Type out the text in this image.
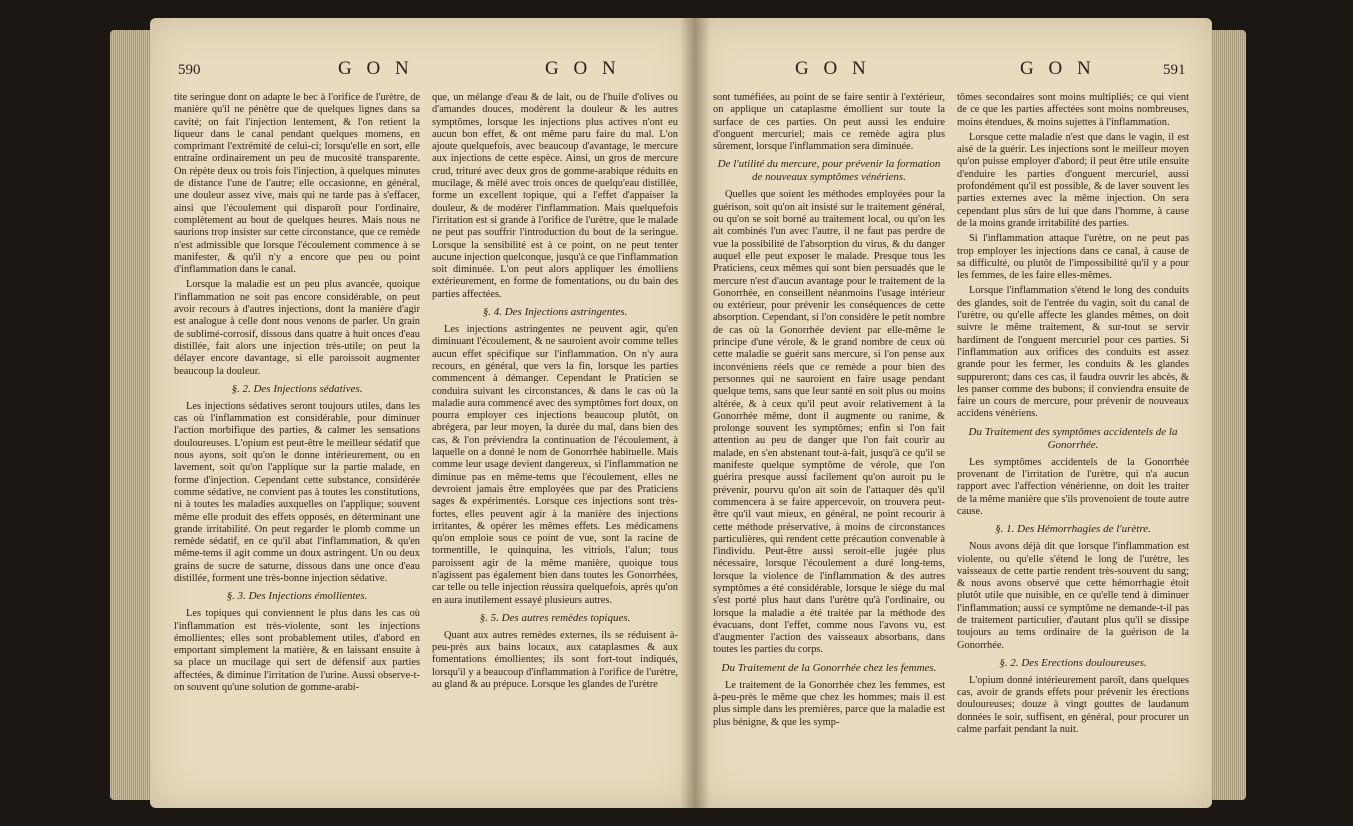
590	G O N	G O N

tite seringue dont on adapte le bec à l'orifice de l'urètre, de manière qu'il ne pénètre que de quelques lignes dans sa cavité; on fait l'injection lentement, & l'on retient la liqueur dans le canal pendant quelques momens, en comprimant l'extrémité de celui-ci; lorsqu'elle en sort, elle entraîne ordinairement un peu de mucosité transparente. On répète deux ou trois fois l'injection, à quelques minutes de distance l'une de l'autre; elle occasionne, en général, une douleur assez vive, mais qui ne tarde pas à s'effacer, ainsi que l'écoulement qui disparoît pour l'ordinaire, complètement au bout de quelques heures. Mais nous ne saurions trop insister sur cette circonstance, que ce remède n'est admissible que lorsque l'écoulement commence à se manifester, & qu'il n'y a encore que peu ou point d'inflammation dans le canal.

Lorsque la maladie est un peu plus avancée, quoique l'inflammation ne soit pas encore considérable, on peut avoir recours à d'autres injections, dont la manière d'agir est analogue à celle dont nous venons de parler. Un grain de sublimé-corrosif, dissous dans quatre à huit onces d'eau distillée, fait alors une injection très-utile; on peut la délayer encore davantage, si elle paroissoit augmenter beaucoup la douleur.

§. 2. Des Injections sédatives.

Les injections sédatives seront toujours utiles, dans les cas où l'inflammation est considérable, pour diminuer l'action morbifique des parties, & calmer les sensations douloureuses. L'opium est peut-être le meilleur sédatif que nous ayons, soit qu'on le donne intérieurement, ou en lavement, soit qu'on l'applique sur la partie malade, en forme d'injection. Cependant cette substance, considérée comme sédative, ne convient pas à toutes les constitutions, ni à toutes les maladies auxquelles on l'applique; souvent même elle produit des effets opposés, en déterminant une grande irritabilité. On peut regarder le plomb comme un remède sédatif, en ce qu'il abat l'inflammation, & qu'en même-tems il agit comme un doux astringent. Un ou deux grains de sucre de saturne, dissous dans une once d'eau distillée, forment une très-bonne injection sédative.

§. 3. Des Injections émollientes.

Les topiques qui conviennent le plus dans les cas où l'inflammation est très-violente, sont les injections émollientes; elles sont probablement utiles, d'abord en emportant simplement la matière, & en laissant ensuite à sa place un mucilage qui sert de défensif aux parties affectées, & diminue l'irritation de l'urine. Aussi observe-t-on souvent qu'une solution de gomme-arabi-

que, un mélange d'eau & de lait, ou de l'huile d'olives ou d'amandes douces, modèrent la douleur & les autres symptômes, lorsque les injections plus actives n'ont eu aucun bon effet, & ont même paru faire du mal. L'on ajoute quelquefois, avec beaucoup d'avantage, le mercure aux injections de cette espèce. Ainsi, un gros de mercure crud, trituré avec deux gros de gomme-arabique réduits en mucilage, & mêlé avec trois onces de quelqu'eau distillée, forme un excellent topique, qui a l'effet d'appaiser la douleur, & de modérer l'inflammation. Mais quelquefois l'irritation est si grande à l'orifice de l'urètre, que le malade ne peut pas souffrir l'introduction du bout de la seringue. Lorsque la sensibilité est à ce point, on ne peut tenter aucune injection quelconque, jusqu'à ce que l'inflammation soit diminuée. L'on peut alors appliquer les émolliens extérieurement, en forme de fomentations, ou du bain des parties affectées.

§. 4. Des Injections astringentes.

Les injections astringentes ne peuvent agir, qu'en diminuant l'écoulement, & ne sauroient avoir comme telles aucun effet spécifique sur l'inflammation. On n'y aura recours, en général, que vers la fin, lorsque les parties commencent à démanger. Cependant le Praticien se conduira suivant les circonstances, & dans le cas où la maladie aura commencé avec des symptômes fort doux, on pourra employer ces injections beaucoup plutôt, on abrégera, par leur moyen, la durée du mal, dans bien des cas, & l'on préviendra la continuation de l'écoulement, à laquelle on a donné le nom de Gonorrhée habituelle. Mais comme leur usage devient dangereux, si l'inflammation ne diminue pas en même-tems que l'écoulement, elles ne devroient jamais être employées que par des Praticiens sages & expérimentés. Lorsque ces injections sont très-fortes, elles peuvent agir à la manière des injections irritantes, & opérer les mêmes effets. Les médicamens qu'on emploie sous ce point de vue, sont la racine de tormentille, le quinquina, les vitriols, l'alun; tous paroissent agir de la même manière, quoique tous n'agissent pas également bien dans toutes les Gonorrhées, car telle ou telle injection réussira quelquefois, après qu'on en aura inutilement essayé plusieurs autres.

§. 5. Des autres remèdes topiques.

Quant aux autres remèdes externes, ils se réduisent à-peu-près aux bains locaux, aux cataplasmes & aux fomentations émollientes; ils sont fort-tout indiqués, lorsqu'il y a beaucoup d'inflammation à l'orifice de l'urètre, au gland & au prépuce. Lorsque les glandes de l'urètre

G O N	G O N	591

sont tuméfiées, au point de se faire sentir à l'extérieur, on applique un cataplasme émollient sur toute la surface de ces parties. On peut aussi les enduire d'onguent mercuriel; mais ce remède agira plus sûrement, lorsque l'inflammation sera diminuée.

De l'utilité du mercure, pour prévenir la formation de nouveaux symptômes vénériens.

Quelles que soient les méthodes employées pour la guérison, soit qu'on ait insisté sur le traitement général, ou qu'on se soit borné au traitement local, ou qu'on les ait combinés l'un avec l'autre, il ne faut pas perdre de vue la possibilité de l'absorption du virus, & du danger auquel elle peut exposer le malade. Presque tous les Praticiens, ceux mêmes qui sont bien persuadés que le mercure n'est d'aucun avantage pour le traitement de la Gonorrhée, en conseillent néanmoins l'usage intérieur ou extérieur, pour prévenir les conséquences de cette absorption. Cependant, si l'on considère le petit nombre de cas où la Gonorrhée devient par elle-même le principe d'une vérole, & le grand nombre de ceux où cette maladie se guérit sans mercure, si l'on pense aux inconvéniens réels que ce remède a pour bien des personnes qui ne sauroient en faire usage pendant quelque tems, sans que leur santé en soit plus ou moins altérée, & à ceux qu'il peut avoir relativement à la Gonorrhée même, dont il augmente ou ranime, & prolonge souvent les symptômes; enfin si l'on fait attention au peu de danger que l'on fait courir au malade, en s'en abstenant tout-à-fait, jusqu'à ce qu'il se manifeste quelque symptôme de vérole, que l'on guérira presque aussi facilement qu'on auroit pu le prévenir, pourvu qu'on ait soin de l'attaquer dès qu'il commencera à se faire appercevoir, on trouvera peut-être qu'il vaut mieux, en général, ne point recourir à cette méthode préservative, à moins de circonstances particulières, qui rendent cette précaution convenable à l'individu. Peut-être aussi seroit-elle jugée plus nécessaire, lorsque l'écoulement a duré long-tems, lorsque la violence de l'inflammation & des autres symptômes a été considérable, lorsque le siège du mal s'est porté plus haut dans l'urètre qu'à l'ordinaire, ou lorsque la maladie a été traitée par la méthode des évacuans, dont l'effet, comme nous l'avons vu, est d'augmenter l'action des vaisseaux absorbans, dans toutes les parties du corps.

Du Traitement de la Gonorrhée chez les femmes.

Le traitement de la Gonorrhée chez les femmes, est à-peu-près le même que chez les hommes; mais il est plus simple dans les premières, parce que la maladie est plus bénigne, & que les symp-

tômes secondaires sont moins multipliés; ce qui vient de ce que les parties affectées sont moins nombreuses, moins étendues, & moins sujettes à l'inflammation.

Lorsque cette maladie n'est que dans le vagin, il est aisé de la guérir. Les injections sont le meilleur moyen qu'on puisse employer d'abord; il peut être utile ensuite d'enduire les parties d'onguent mercuriel, aussi profondément qu'il est possible, & de laver souvent les parties externes avec la même injection. On sera cependant plus sûrs de lui que dans l'homme, à cause de la moins grande irritabilité des parties.

Si l'inflammation attaque l'urètre, on ne peut pas trop employer les injections dans ce canal, à cause de sa difficulté, ou plutôt de l'impossibilité qu'il y a pour les femmes, de les faire elles-mêmes.

Lorsque l'inflammation s'étend le long des conduits des glandes, soit de l'entrée du vagin, soit du canal de l'urètre, ou qu'elle affecte les glandes mêmes, on doit suivre le même traitement, & sur-tout se servir hardiment de l'onguent mercuriel pour ces parties. Si l'inflammation aux orifices des conduits est assez grande pour les fermer, les conduits & les glandes suppureront; dans ces cas, il faudra ouvrir les abcès, & les panser comme des bubons; il conviendra ensuite de faire un cours de mercure, pour prévenir de nouveaux accidens vénériens.

Du Traitement des symptômes accidentels de la Gonorrhée.

Les symptômes accidentels de la Gonorrhée provenant de l'irritation de l'urètre, qui n'a aucun rapport avec l'affection vénérienne, on doit les traiter de la même manière que s'ils provenoient de toute autre cause.

§. 1. Des Hémorrhagies de l'urètre.

Nous avons déjà dit que lorsque l'inflammation est violente, ou qu'elle s'étend le long de l'urètre, les vaisseaux de cette partie rendent très-souvent du sang; & nous avons observé que cette hémorrhagie étoit plutôt utile que nuisible, en ce qu'elle tend à diminuer l'inflammation; aussi ce symptôme ne demande-t-il pas de traitement particulier, d'autant plus qu'il se dissipe toujours au tems ordinaire de la guérison de la Gonorrhée.

§. 2. Des Erections douloureuses.

L'opium donné intérieurement paroît, dans quelques cas, avoir de grands effets pour prévenir les érections douloureuses; douze à vingt gouttes de laudanum données le soir, suffisent, en général, pour procurer un calme parfait pendant la nuit.
